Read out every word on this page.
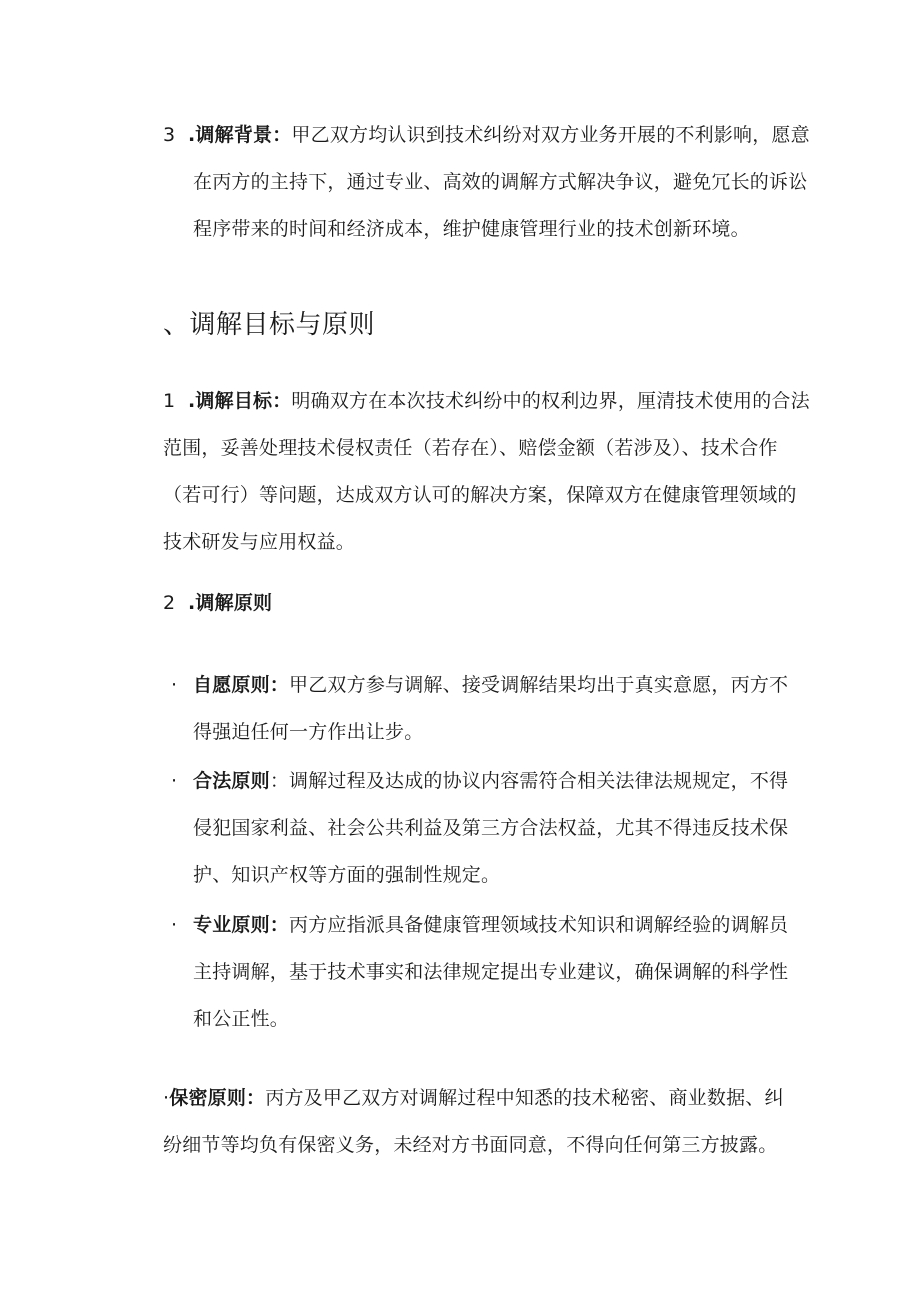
3 .调解背景：甲乙双方均认识到技术纠纷对双方业务开展的不利影响，愿意

在丙方的主持下，通过专业、高效的调解方式解决争议，避免冗长的诉讼

程序带来的时间和经济成本，维护健康管理行业的技术创新环境。

、调解目标与原则
1 .调解目标：明确双方在本次技术纠纷中的权利边界，厘清技术使用的合法

范围，妥善处理技术侵权责任（若存在）、赔偿金额（若涉及）、技术合作

（若可行）等问题，达成双方认可的解决方案，保障双方在健康管理领域的

技术研发与应用权益。

2 .调解原则

· 自愿原则：甲乙双方参与调解、接受调解结果均出于真实意愿，丙方不

得强迫任何一方作出让步。

· 合法原则：调解过程及达成的协议内容需符合相关法律法规规定，不得

侵犯国家利益、社会公共利益及第三方合法权益，尤其不得违反技术保

护、知识产权等方面的强制性规定。

· 专业原则：丙方应指派具备健康管理领域技术知识和调解经验的调解员

主持调解，基于技术事实和法律规定提出专业建议，确保调解的科学性

和公正性。

·保密原则：丙方及甲乙双方对调解过程中知悉的技术秘密、商业数据、纠

纷细节等均负有保密义务，未经对方书面同意，不得向任何第三方披露。
